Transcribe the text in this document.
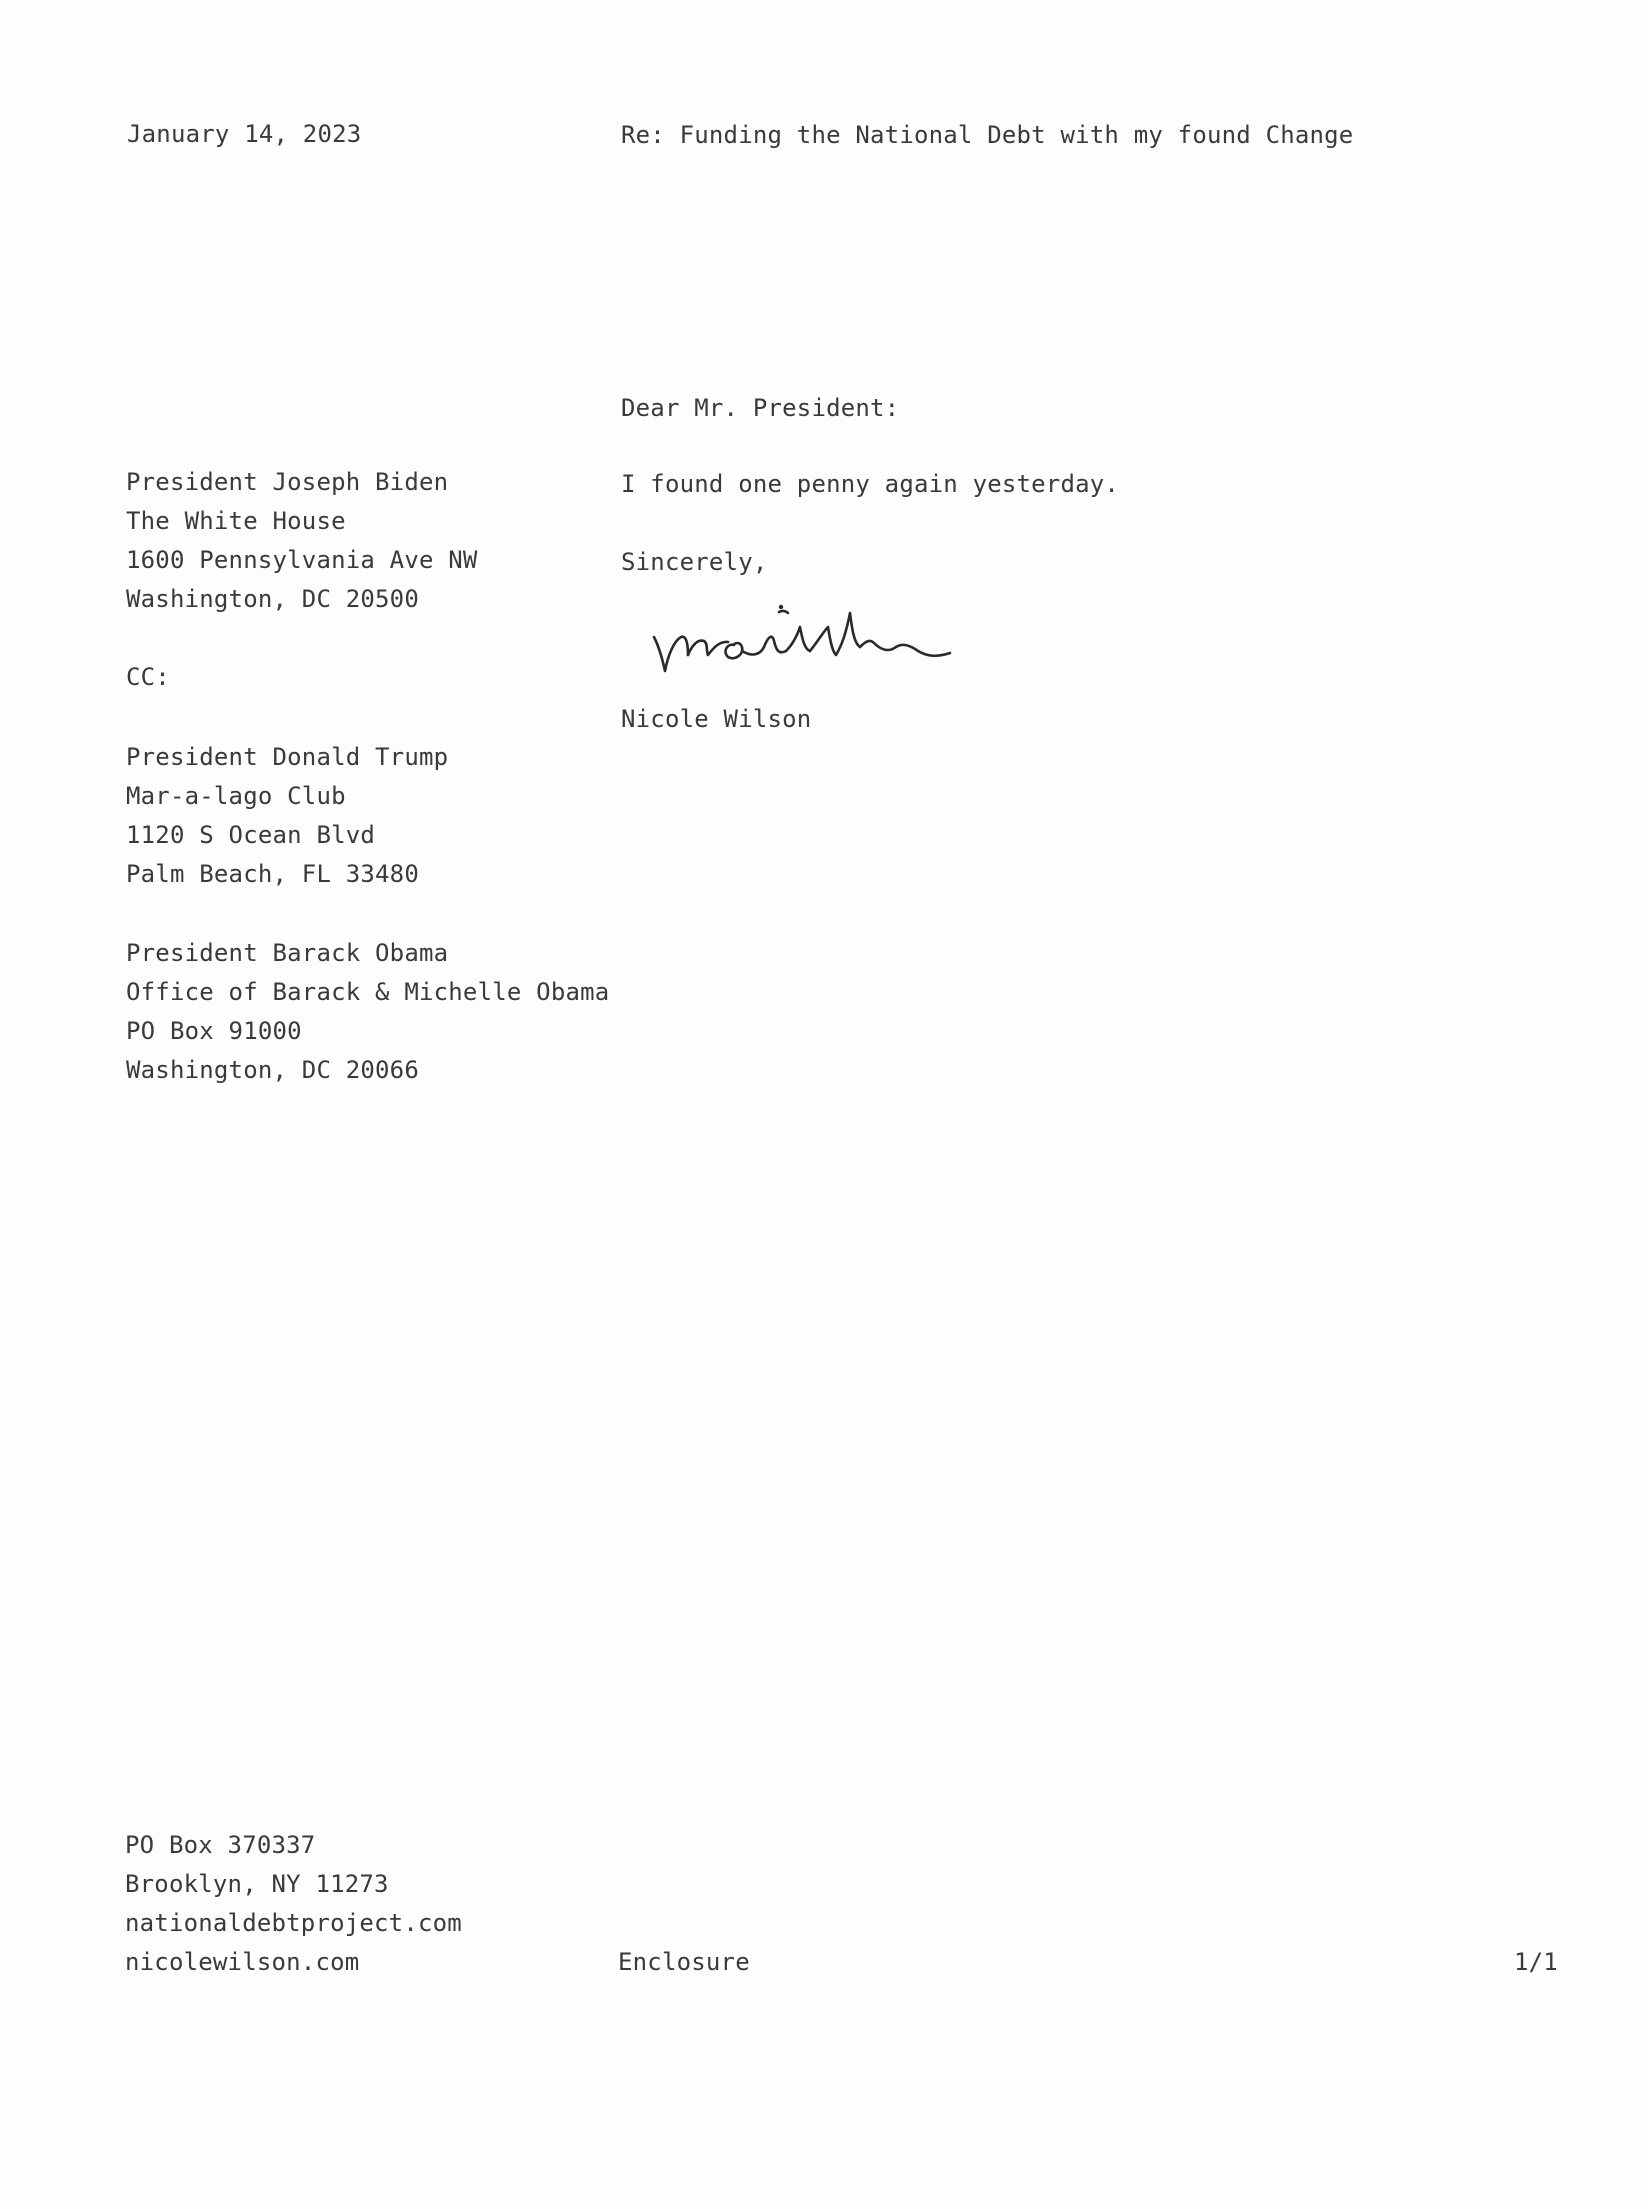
January 14, 2023	Re: Funding the National Debt with my found Change
President Joseph Biden
The White House
1600 Pennsylvania Ave NW
Washington, DC 20500
CC:
President Donald Trump
Mar-a-lago Club
1120 S Ocean Blvd
Palm Beach, FL 33480
President Barack Obama
Office of Barack & Michelle Obama
PO Box 91000
Washington, DC 20066
Dear Mr. President:
I found one penny again yesterday.
Sincerely,
Nicole Wilson
PO Box 370337
Brooklyn, NY 11273
nationaldebtproject.com
nicolewilson.com	Enclosure	1/1
